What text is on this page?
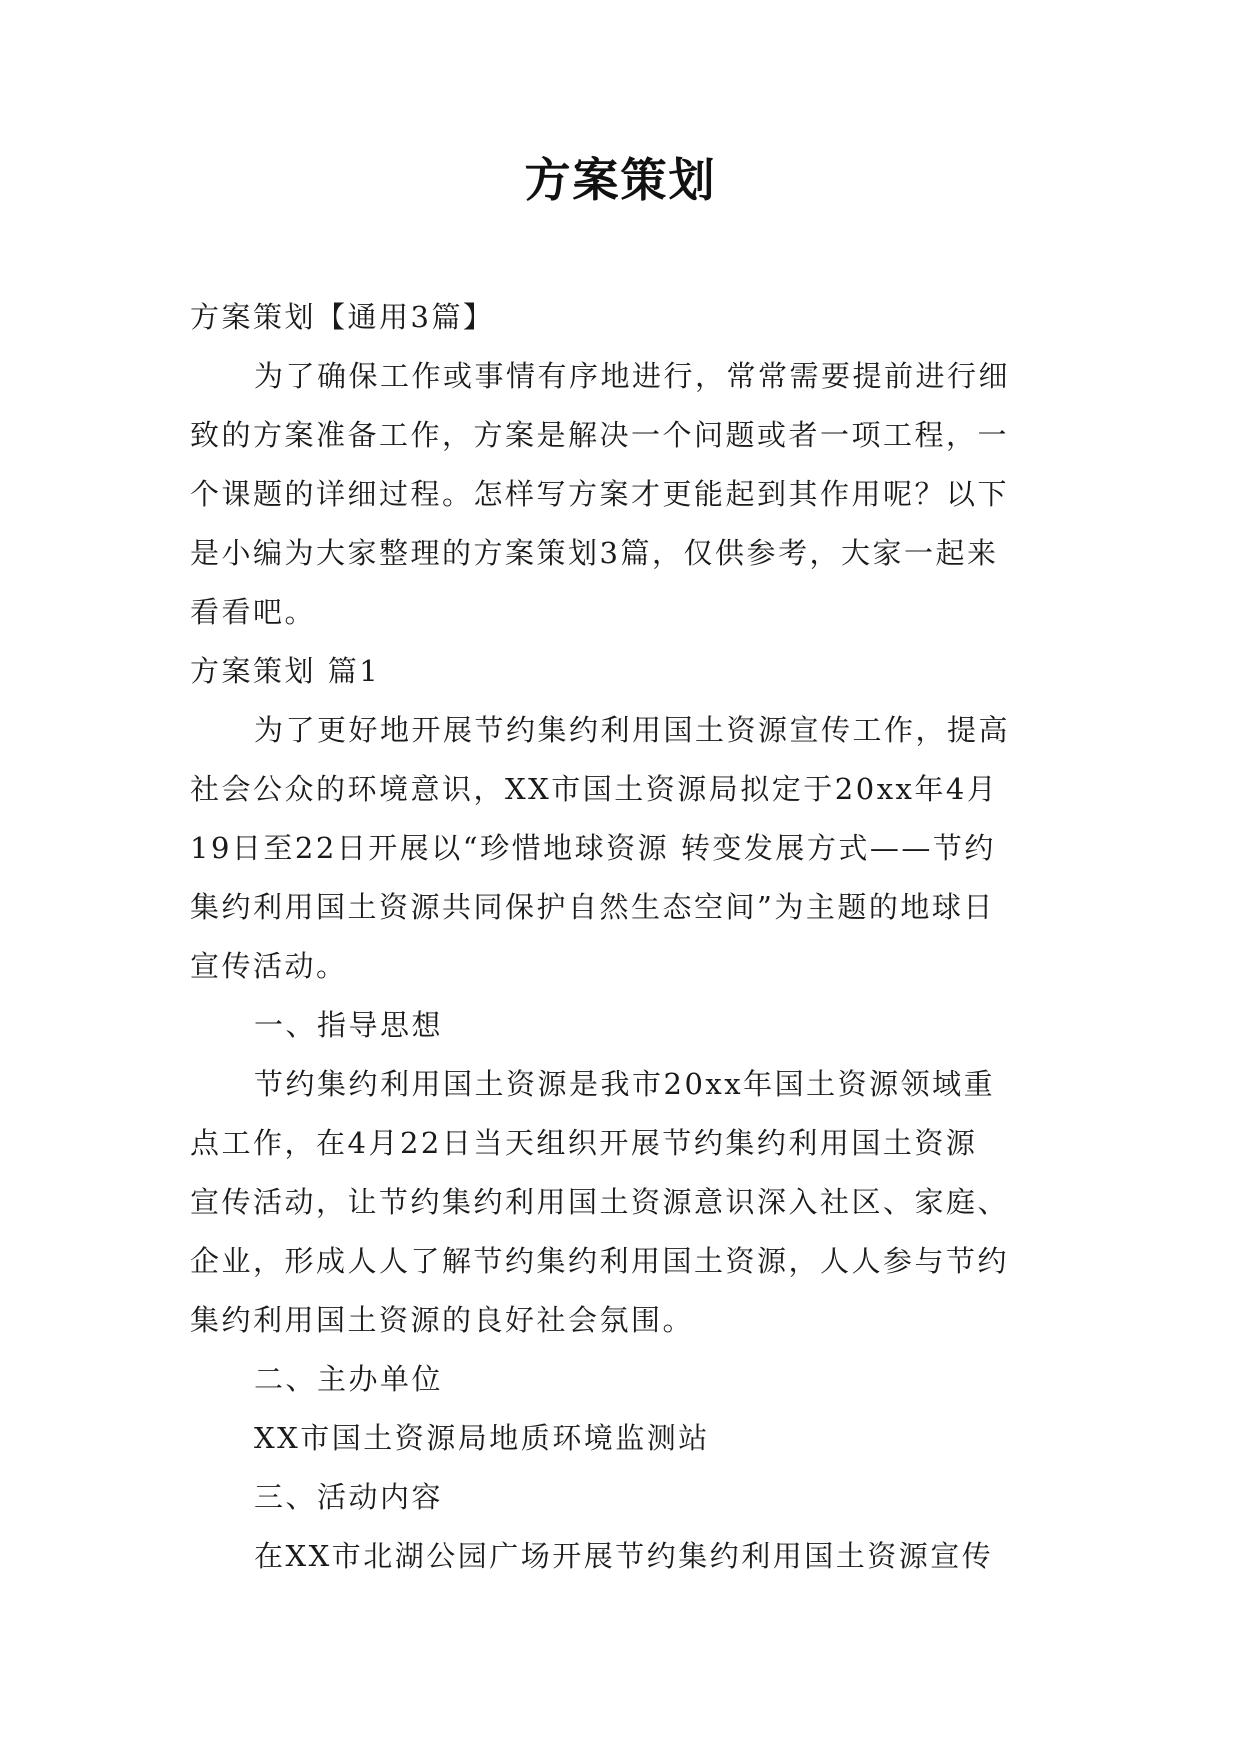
方案策划
方案策划【通用3篇】
为了确保工作或事情有序地进行，常常需要提前进行细
致的方案准备工作，方案是解决一个问题或者一项工程，一
个课题的详细过程。怎样写方案才更能起到其作用呢？以下
是小编为大家整理的方案策划3篇，仅供参考，大家一起来
看看吧。
方案策划 篇1
为了更好地开展节约集约利用国土资源宣传工作，提高
社会公众的环境意识，XX市国土资源局拟定于20xx年4月
19日至22日开展以“珍惜地球资源 转变发展方式——节约
集约利用国土资源共同保护自然生态空间”为主题的地球日
宣传活动。
一、指导思想
节约集约利用国土资源是我市20xx年国土资源领域重
点工作，在4月22日当天组织开展节约集约利用国土资源
宣传活动，让节约集约利用国土资源意识深入社区、家庭、
企业，形成人人了解节约集约利用国土资源，人人参与节约
集约利用国土资源的良好社会氛围。
二、主办单位
XX市国土资源局地质环境监测站
三、活动内容
在XX市北湖公园广场开展节约集约利用国土资源宣传
